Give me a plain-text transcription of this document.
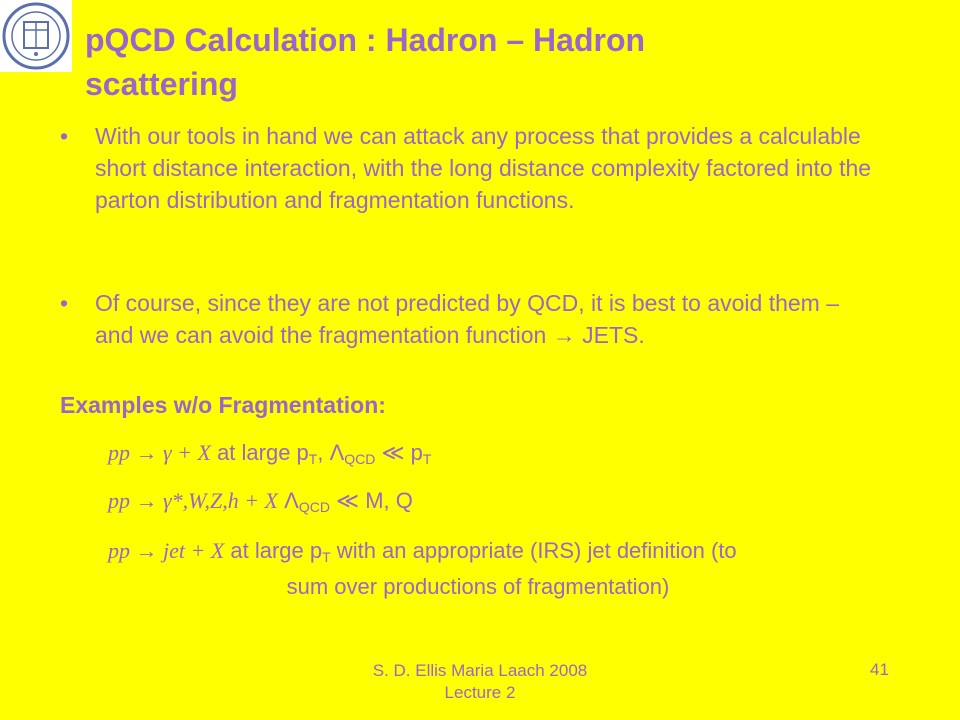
pQCD Calculation : Hadron – Hadron
scattering
• With our tools in hand we can attack any process that provides a calculable short distance interaction, with the long distance complexity factored into the parton distribution and fragmentation functions.
• Of course, since they are not predicted by QCD, it is best to avoid them – and we can avoid the fragmentation function → JETS.
Examples w/o Fragmentation:
pp → γ + X at large $p_T$, $\Lambda_{QCD}$ ≪ $p_T$
pp → γ*,W,Z,h + X $\Lambda_{QCD}$ ≪ M, Q
pp → jet + X at large $p_T$ with an appropriate (IRS) jet definition (to
sum over productions of fragmentation)
S. D. Ellis Maria Laach 2008
Lecture 2
41
